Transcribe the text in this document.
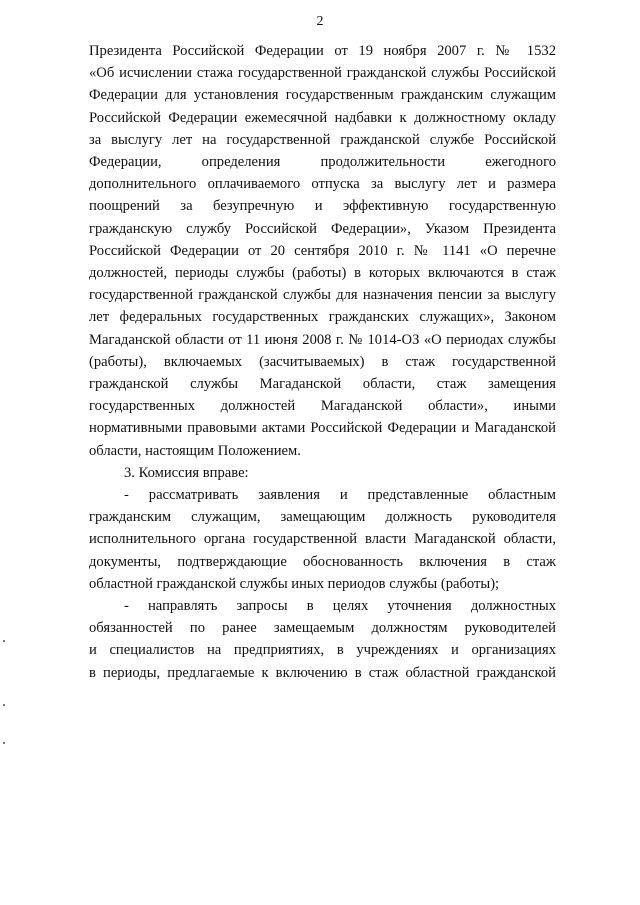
2

Президента Российской Федерации от 19 ноября 2007 г. № 1532

«Об исчислении стажа государственной гражданской службы Российской

Федерации для установления государственным гражданским служащим

Российской Федерации ежемесячной надбавки к должностному окладу

за выслугу лет на государственной гражданской службе Российской

Федерации, определения продолжительности ежегодного

дополнительного оплачиваемого отпуска за выслугу лет и размера

поощрений за безупречную и эффективную государственную

гражданскую службу Российской Федерации», Указом Президента

Российской Федерации от 20 сентября 2010 г. № 1141 «О перечне

должностей, периоды службы (работы) в которых включаются в стаж

государственной гражданской службы для назначения пенсии за выслугу

лет федеральных государственных гражданских служащих», Законом

Магаданской области от 11 июня 2008 г. № 1014-ОЗ «О периодах службы

(работы), включаемых (засчитываемых) в стаж государственной

гражданской службы Магаданской области, стаж замещения

государственных должностей Магаданской области», иными

нормативными правовыми актами Российской Федерации и Магаданской

области, настоящим Положением.

3. Комиссия вправе:

- рассматривать заявления и представленные областным

гражданским служащим, замещающим должность руководителя

исполнительного органа государственной власти Магаданской области,

документы, подтверждающие обоснованность включения в стаж

областной гражданской службы иных периодов службы (работы);

- направлять запросы в целях уточнения должностных

обязанностей по ранее замещаемым должностям руководителей

и специалистов на предприятиях, в учреждениях и организациях

в периоды, предлагаемые к включению в стаж областной гражданской
